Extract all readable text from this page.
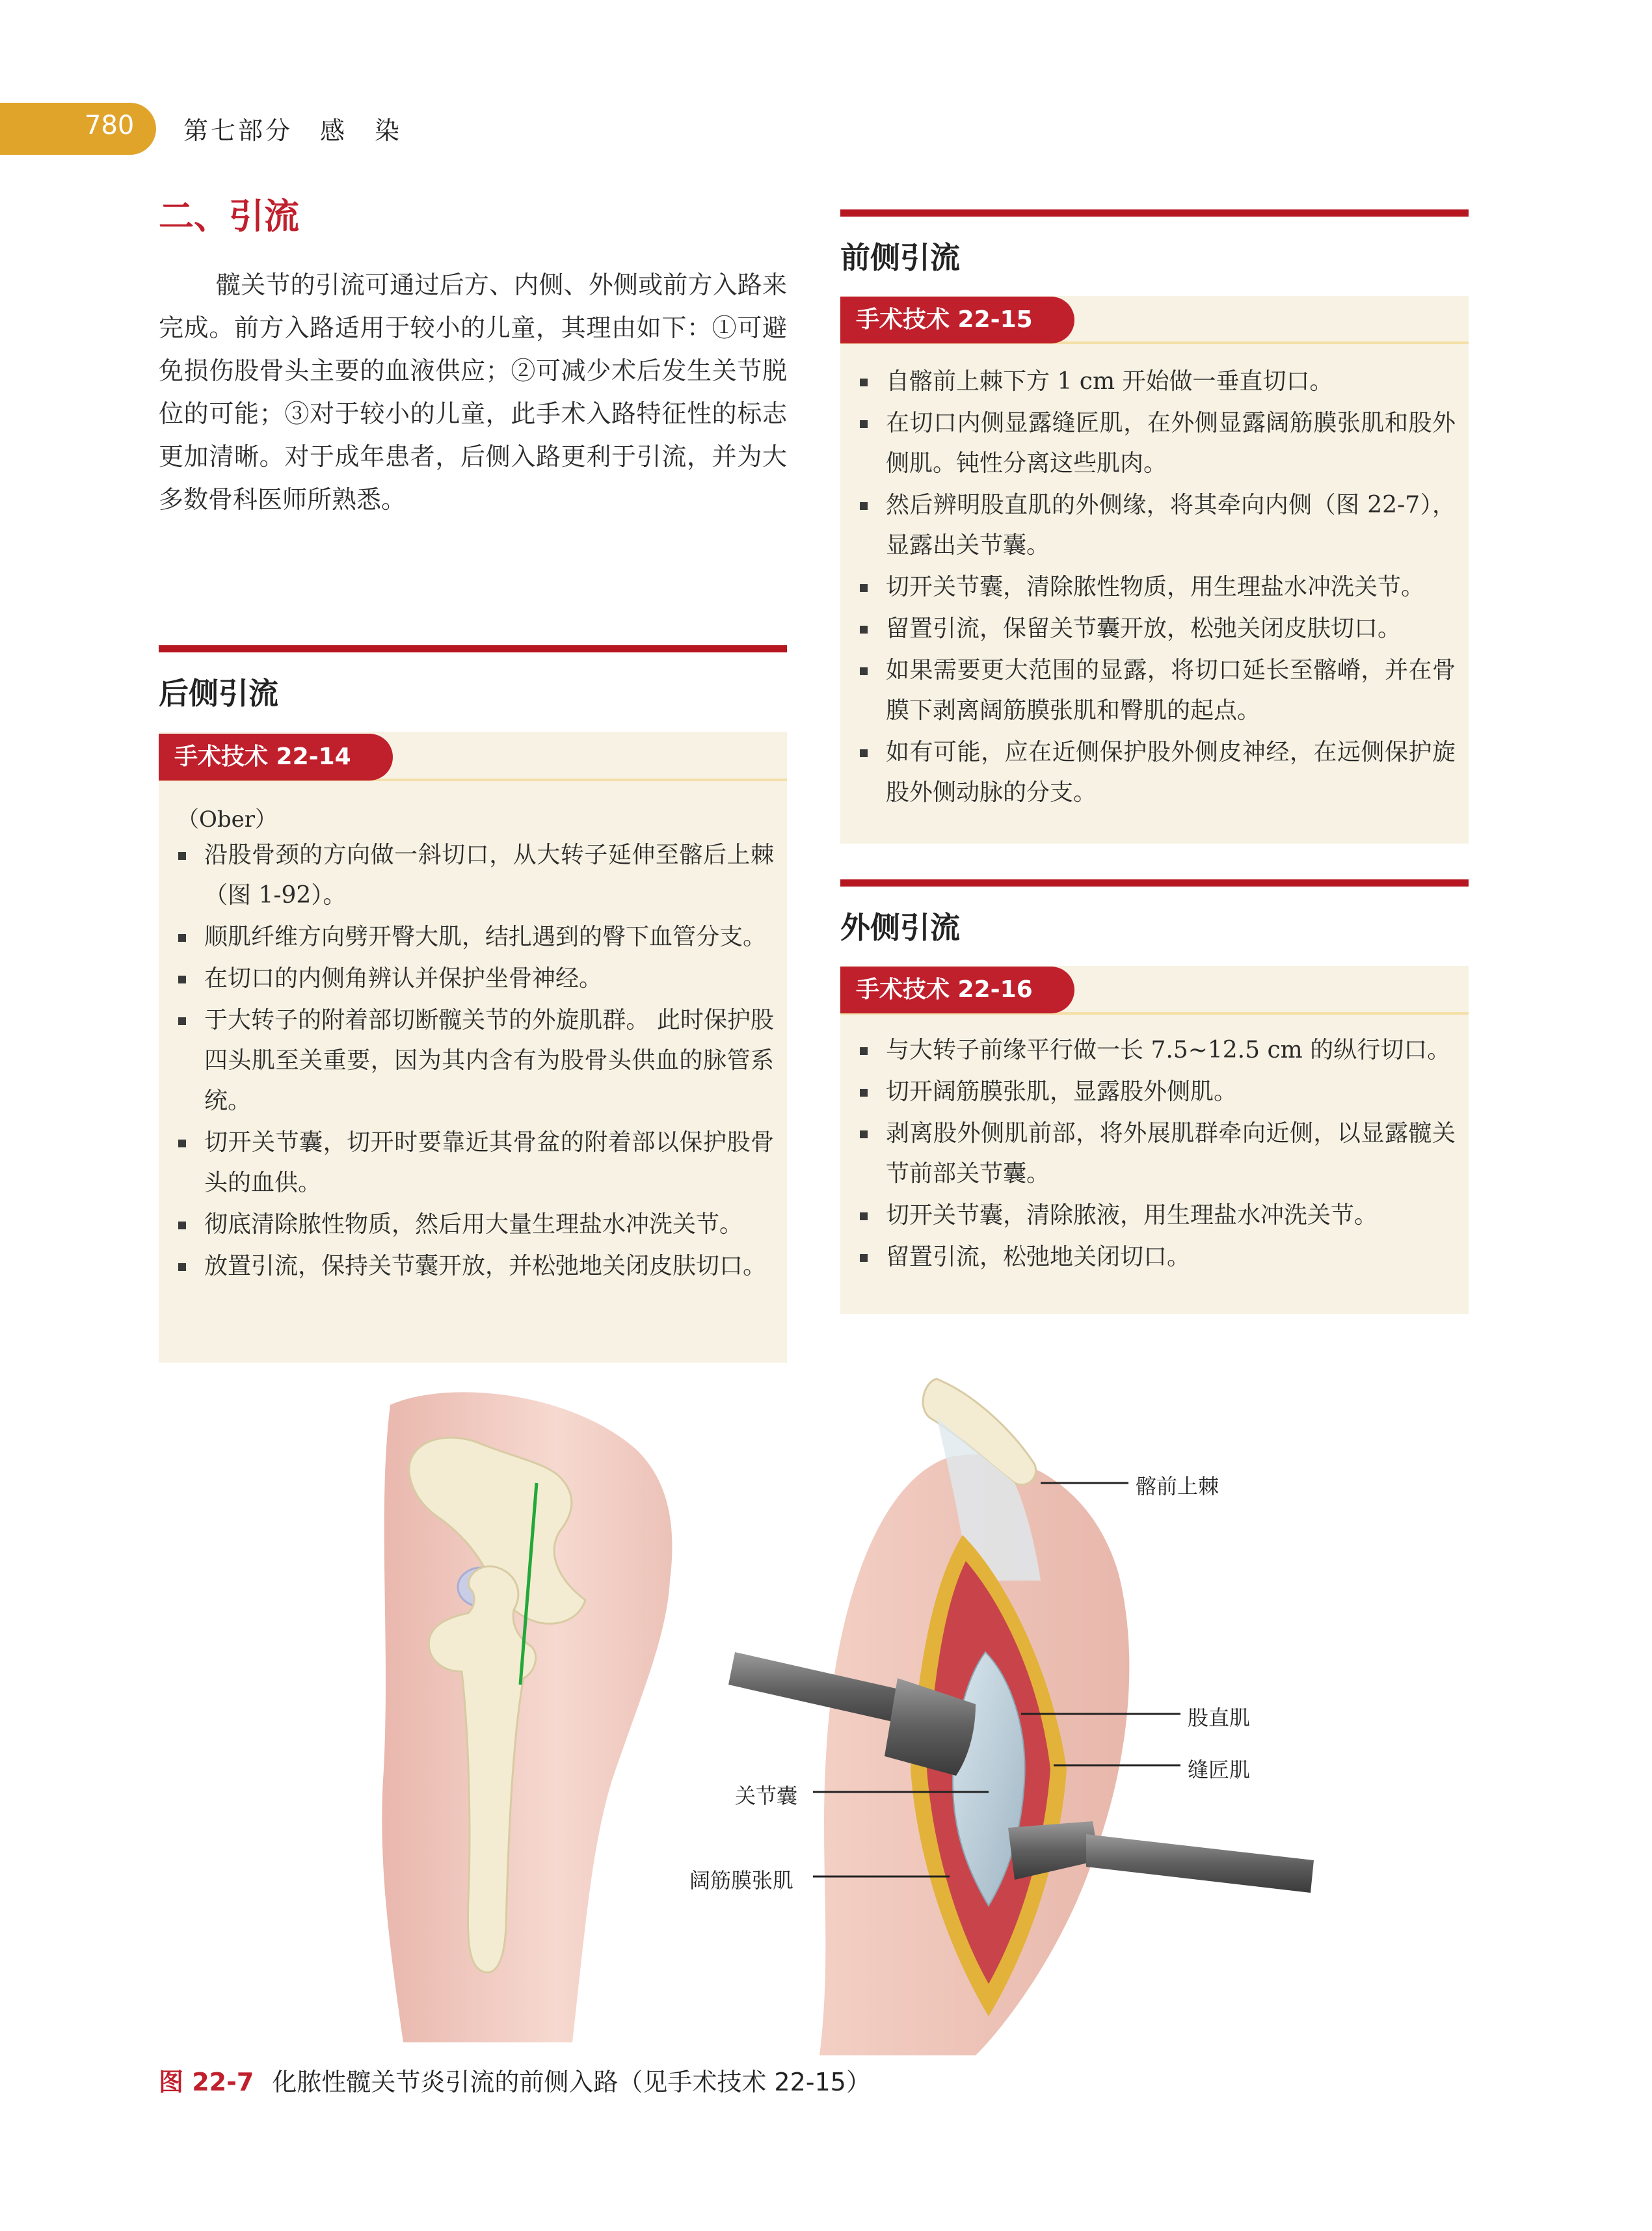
780 第七部分　感　染
二、引流
髋关节的引流可通过后方、内侧、外侧或前方入路来完成。前方入路适用于较小的儿童，其理由如下：①可避免损伤股骨头主要的血液供应；②可减少术后发生关节脱位的可能；③对于较小的儿童，此手术入路特征性的标志更加清晰。对于成年患者，后侧入路更利于引流，并为大多数骨科医师所熟悉。
后侧引流
手术技术 22-14
（Ober）
沿股骨颈的方向做一斜切口，从大转子延伸至髂后上棘（图 1-92）。
顺肌纤维方向劈开臀大肌，结扎遇到的臀下血管分支。
在切口的内侧角辨认并保护坐骨神经。
于大转子的附着部切断髋关节的外旋肌群。 此时保护股四头肌至关重要，因为其内含有为股骨头供血的脉管系统。
切开关节囊，切开时要靠近其骨盆的附着部以保护股骨头的血供。
彻底清除脓性物质，然后用大量生理盐水冲洗关节。
放置引流，保持关节囊开放，并松弛地关闭皮肤切口。
前侧引流
手术技术 22-15
自髂前上棘下方 1 cm 开始做一垂直切口。
在切口内侧显露缝匠肌，在外侧显露阔筋膜张肌和股外侧肌。钝性分离这些肌肉。
然后辨明股直肌的外侧缘，将其牵向内侧（图 22-7），显露出关节囊。
切开关节囊，清除脓性物质，用生理盐水冲洗关节。
留置引流，保留关节囊开放，松弛关闭皮肤切口。
如果需要更大范围的显露，将切口延长至髂嵴，并在骨膜下剥离阔筋膜张肌和臀肌的起点。
如有可能，应在近侧保护股外侧皮神经，在远侧保护旋股外侧动脉的分支。
外侧引流
手术技术 22-16
与大转子前缘平行做一长 7.5~12.5 cm 的纵行切口。
切开阔筋膜张肌，显露股外侧肌。
剥离股外侧肌前部，将外展肌群牵向近侧，以显露髋关节前部关节囊。
切开关节囊，清除脓液，用生理盐水冲洗关节。
留置引流，松弛地关闭切口。
髂前上棘
股直肌
缝匠肌
关节囊
阔筋膜张肌
图 22-7 化脓性髋关节炎引流的前侧入路（见手术技术 22-15）
